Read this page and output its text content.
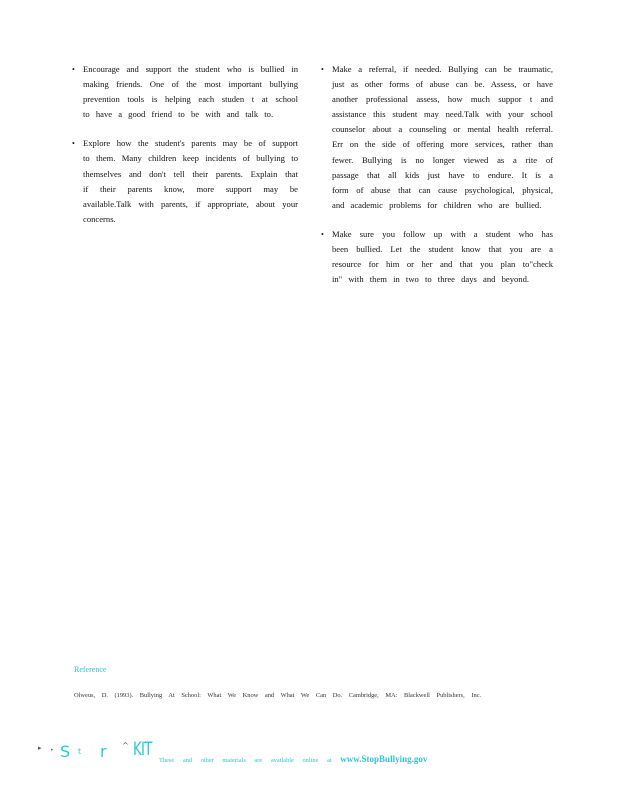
• Encourage and support the student who is bullied in making friends. One of the most important bullying prevention tools is helping each studen t at school to have a good friend to be with and talk to.
• Explore how the student's parents may be of support to them. Many children keep incidents of bullying to themselves and don't tell their parents. Explain that if their parents know, more support may be available.Talk with parents, if appropriate, about your concerns.
• Make a referral, if needed. Bullying can be traumatic, just as other forms of abuse can be. Assess, or have another professional assess, how much suppor t and assistance this student may need.Talk with your school counselor about a counseling or mental health referral. Err on the side of offering more services, rather than fewer. Bullying is no longer viewed as a rite of passage that all kids just have to endure. It is a form of abuse that can cause psychological, physical, and academic problems for children who are bullied.
• Make sure you follow up with a student who has been bullied. Let the student know that you are a resource for him or her and that you plan to"check in" with them in two to three days and beyond.
Reference
Olweus, D. (1993). Bullying At School: What We Know and What We Can Do. Cambridge, MA: Blackwell Publishers, Inc.
▸ • S t r ^ KIT
These and other materials are available online at www.StopBullying.gov
